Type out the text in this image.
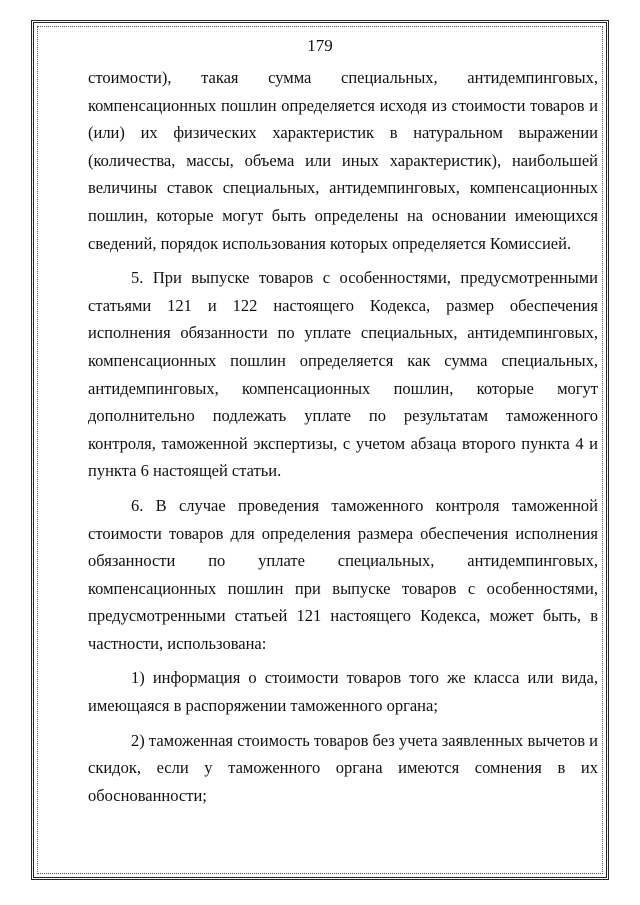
179

стоимости), такая сумма специальных, антидемпинговых, компенсационных пошлин определяется исходя из стоимости товаров и (или) их физических характеристик в натуральном выражении (количества, массы, объема или иных характеристик), наибольшей величины ставок специальных, антидемпинговых, компенсационных пошлин, которые могут быть определены на основании имеющихся сведений, порядок использования которых определяется Комиссией.

5. При выпуске товаров с особенностями, предусмотренными статьями 121 и 122 настоящего Кодекса, размер обеспечения исполнения обязанности по уплате специальных, антидемпинговых, компенсационных пошлин определяется как сумма специальных, антидемпинговых, компенсационных пошлин, которые могут дополнительно подлежать уплате по результатам таможенного контроля, таможенной экспертизы, с учетом абзаца второго пункта 4 и пункта 6 настоящей статьи.

6. В случае проведения таможенного контроля таможенной стоимости товаров для определения размера обеспечения исполнения обязанности по уплате специальных, антидемпинговых, компенсационных пошлин при выпуске товаров с особенностями, предусмотренными статьей 121 настоящего Кодекса, может быть, в частности, использована:

1) информация о стоимости товаров того же класса или вида, имеющаяся в распоряжении таможенного органа;

2) таможенная стоимость товаров без учета заявленных вычетов и скидок, если у таможенного органа имеются сомнения в их обоснованности;
